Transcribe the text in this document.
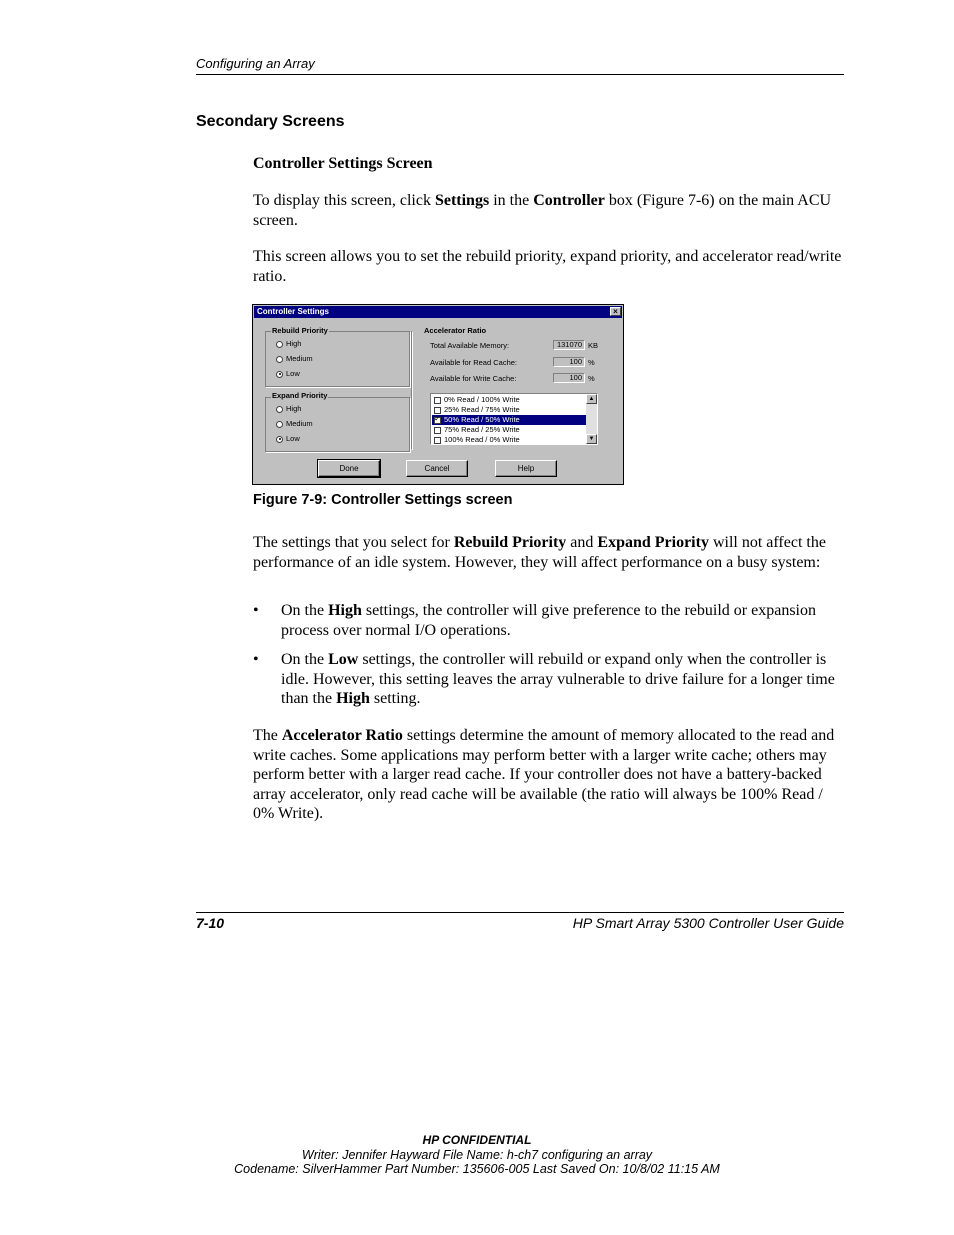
Configuring an Array
Secondary Screens
Controller Settings Screen
To display this screen, click Settings in the Controller box (Figure 7-6) on the main ACU screen.
This screen allows you to set the rebuild priority, expand priority, and accelerator read/write ratio.
Controller Settings	×
Rebuild Priority
High
Medium
Low
Expand Priority
High
Medium
Low
Accelerator Ratio
Total Available Memory:	131070 KB
Available for Read Cache:	100 %
Available for Write Cache:	100 %
0% Read / 100% Write
25% Read / 75% Write
✓50% Read / 50% Write
75% Read / 25% Write
100% Read / 0% Write
▲
▼
Done	Cancel	Help
Figure 7-9: Controller Settings screen
The settings that you select for Rebuild Priority and Expand Priority will not affect the performance of an idle system. However, they will affect performance on a busy system:
• On the High settings, the controller will give preference to the rebuild or expansion process over normal I/O operations.
• On the Low settings, the controller will rebuild or expand only when the controller is idle. However, this setting leaves the array vulnerable to drive failure for a longer time than the High setting.
The Accelerator Ratio settings determine the amount of memory allocated to the read and write caches. Some applications may perform better with a larger write cache; others may perform better with a larger read cache. If your controller does not have a battery-backed array accelerator, only read cache will be available (the ratio will always be 100% Read / 0% Write).
7-10	HP Smart Array 5300 Controller User Guide
HP CONFIDENTIAL
Writer: Jennifer Hayward File Name: h-ch7 configuring an array
Codename: SilverHammer Part Number: 135606-005 Last Saved On: 10/8/02 11:15 AM
